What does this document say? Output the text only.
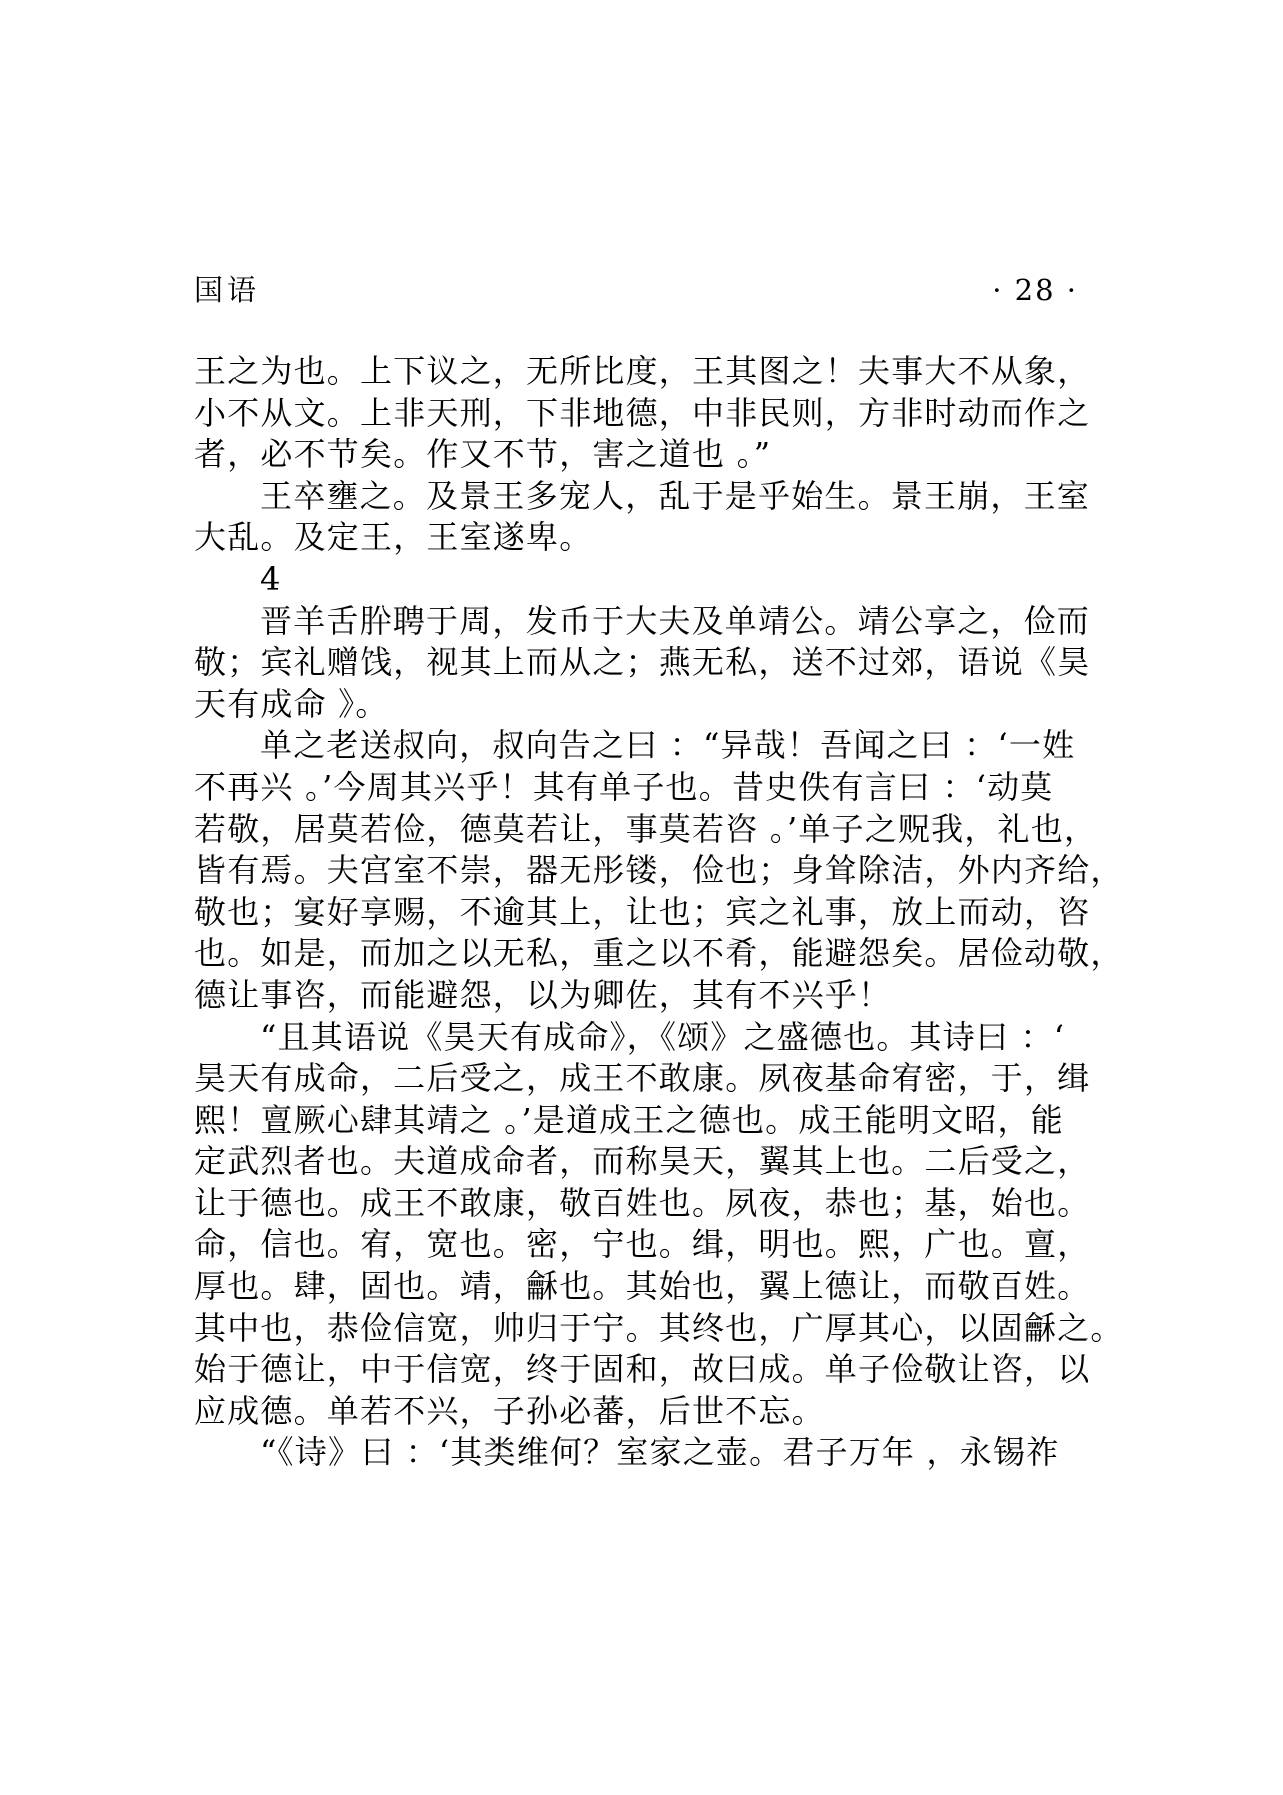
国语	· 28 ·
王之为也。上下议之，无所比度，王其图之！夫事大不从象，
小不从文。上非天刑，下非地德，中非民则，方非时动而作之
者，必不节矣。作又不节，害之道也 。”
王卒壅之。及景王多宠人，乱于是乎始生。景王崩，王室
大乱。及定王，王室遂卑。
4
晋羊舌肸聘于周，发币于大夫及单靖公。靖公享之，俭而
敬；宾礼赠饯，视其上而从之；燕无私，送不过郊，语说《昊
天有成命 》。
单之老送叔向，叔向告之曰 ：“异哉！吾闻之曰 ：‘一姓
不再兴 。’今周其兴乎！其有单子也。昔史佚有言曰 ：‘动莫
若敬，居莫若俭，德莫若让，事莫若咨 。’单子之贶我，礼也，
皆有焉。夫宫室不崇，器无彤镂，俭也；身耸除洁，外内齐给，
敬也；宴好享赐，不逾其上，让也；宾之礼事，放上而动，咨
也。如是，而加之以无私，重之以不肴，能避怨矣。居俭动敬，
德让事咨，而能避怨，以为卿佐，其有不兴乎！
“且其语说《昊天有成命》，《颂》之盛德也。其诗曰 ：‘
昊天有成命，二后受之，成王不敢康。夙夜基命宥密，于，缉
熙！亶厥心肆其靖之 。’是道成王之德也。成王能明文昭，能
定武烈者也。夫道成命者，而称昊天，翼其上也。二后受之，
让于德也。成王不敢康，敬百姓也。夙夜，恭也；基，始也。
命，信也。宥，宽也。密，宁也。缉，明也。熙，广也。亶，
厚也。肆，固也。靖，龢也。其始也，翼上德让，而敬百姓。
其中也，恭俭信宽，帅归于宁。其终也，广厚其心，以固龢之。
始于德让，中于信宽，终于固和，故曰成。单子俭敬让咨，以
应成德。单若不兴，子孙必蕃，后世不忘。
“《诗》曰 ：‘其类维何？室家之壶。君子万年 ，永锡祚
